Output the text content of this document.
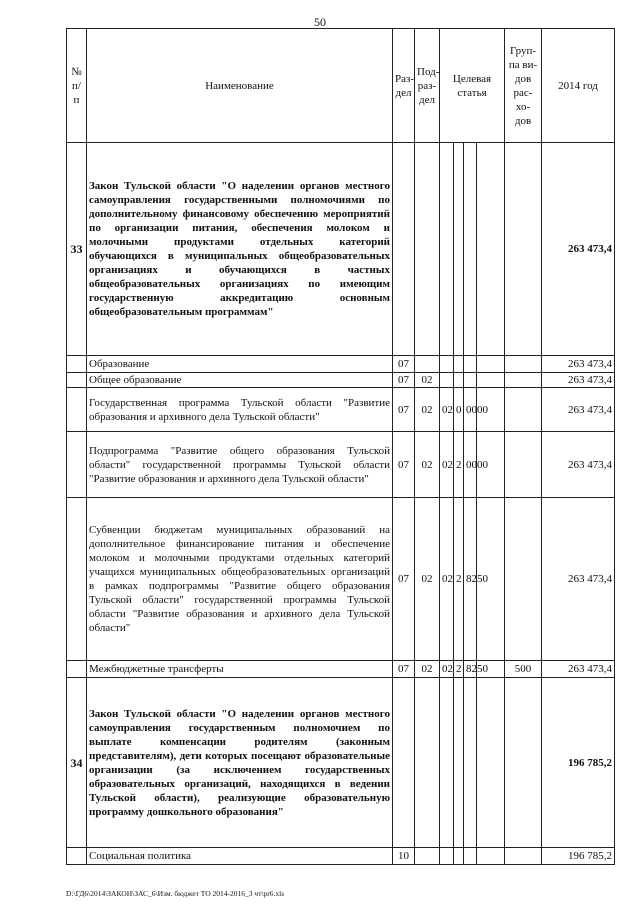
50
№ п/ п	Наименование	Раз- дел	Под- раз- дел	Целевая статья				Груп- па ви- дов рас- хо- дов	2014 год
33	Закон Тульской области "О наделении органов местного самоуправления государственными полномочиями по дополнительному финансовому обеспечению мероприятий по организации питания, обеспечения молоком и молочными продуктами отдельных категорий обучающихся в муниципальных общеобразовательных организациях и обучающихся в частных общеобразовательных организациях по имеющим государственную аккредитацию основным общеобразовательным программам"								263 473,4
	Образование	07							263 473,4
	Общее образование	07	02						263 473,4
	Государственная программа Тульской области "Развитие образования и архивного дела Тульской области"	07	02	02	0	0000			263 473,4
	Подпрограмма "Развитие общего образования Тульской области" государственной программы Тульской области "Развитие образования и архивного дела Тульской области"	07	02	02	2	0000			263 473,4
	Субвенции бюджетам муниципальных образований на дополнительное финансирование питания и обеспечение молоком и молочными продуктами отдельных категорий учащихся муниципальных общеобразовательных организаций в рамках подпрограммы "Развитие общего образования Тульской области" государственной программы Тульской области "Развитие образования и архивного дела Тульской области"	07	02	02	2	8250			263 473,4
	Межбюджетные трансферты	07	02	02	2	8250		500	263 473,4
34	Закон Тульской области "О наделении органов местного самоуправления государственным полномочием по выплате компенсации родителям (законным представителям), дети которых посещают образовательные организации (за исключением государственных образовательных организаций, находящихся в ведении Тульской области), реализующие образовательную программу дошкольного образования"								196 785,2
	Социальная политика	10							196 785,2
D:\ГД6\2014\ЗАКОН\ЗАС_6\Изм. бюджет ТО 2014-2016_3 чт\рr6.xls
